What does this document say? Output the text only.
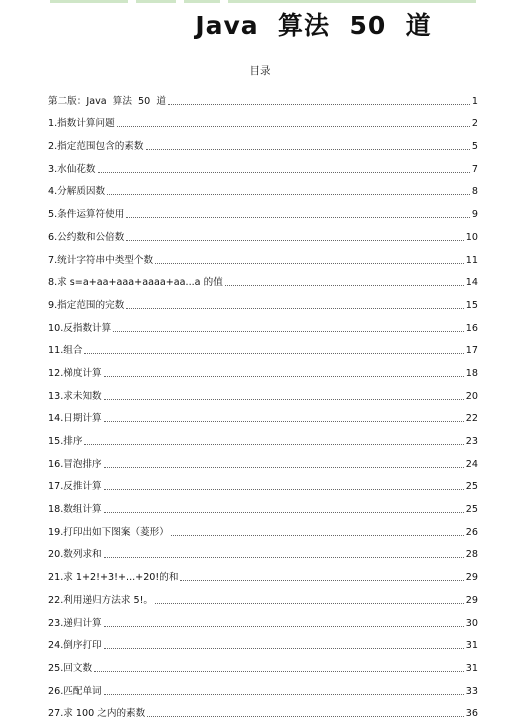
Java  算法  50  道
目录
第二版：Java  算法  50  道	1
1.指数计算问题	2
2.指定范围包含的素数	5
3.水仙花数	7
4.分解质因数	8
5.条件运算符使用	9
6.公约数和公倍数	10
7.统计字符串中类型个数	11
8.求 s=a+aa+aaa+aaaa+aa...a 的值	14
9.指定范围的完数	15
10.反指数计算	16
11.组合	17
12.梯度计算	18
13.求未知数	20
14.日期计算	22
15.排序	23
16.冒泡排序	24
17.反推计算	25
18.数组计算	25
19.打印出如下图案（菱形）	26
20.数列求和	28
21.求 1+2!+3!+...+20!的和	29
22.利用递归方法求 5!。	29
23.递归计算	30
24.倒序打印	31
25.回文数	31
26.匹配单词	33
27.求 100 之内的素数	36
